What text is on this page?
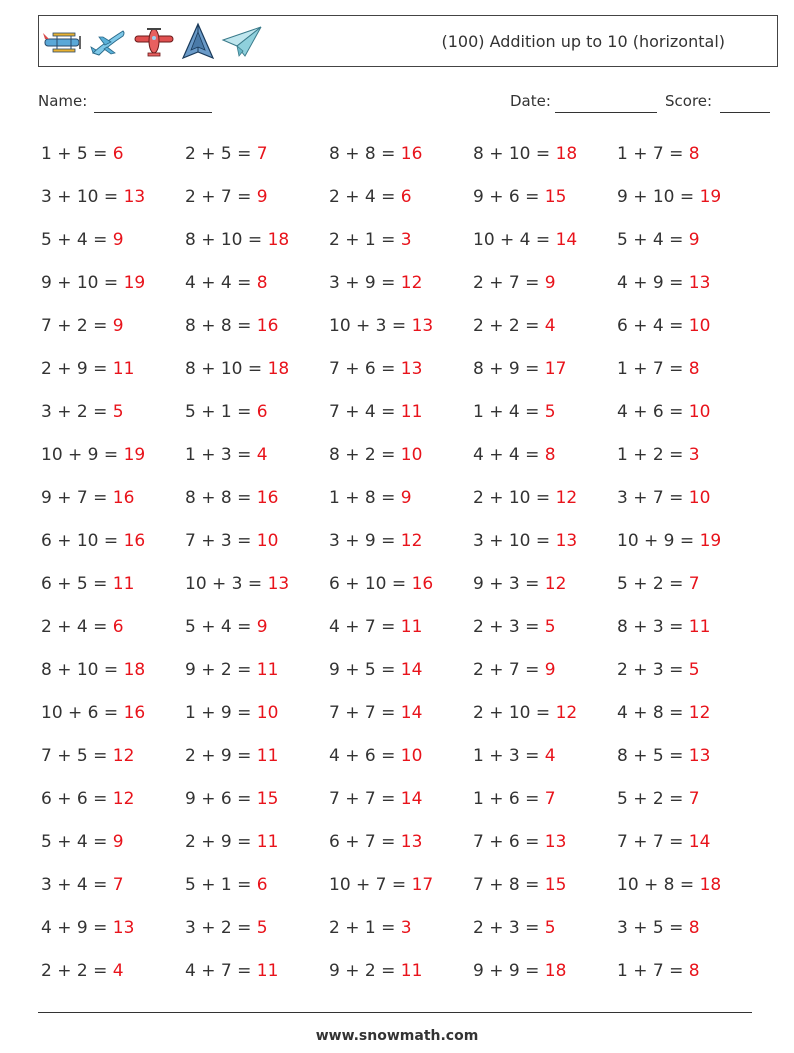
(100) Addition up to 10 (horizontal)
Name:	Date:	Score:
1 + 5 = 6	2 + 5 = 7	8 + 8 = 16	8 + 10 = 18	1 + 7 = 8
3 + 10 = 13	2 + 7 = 9	2 + 4 = 6	9 + 6 = 15	9 + 10 = 19
5 + 4 = 9	8 + 10 = 18	2 + 1 = 3	10 + 4 = 14	5 + 4 = 9
9 + 10 = 19	4 + 4 = 8	3 + 9 = 12	2 + 7 = 9	4 + 9 = 13
7 + 2 = 9	8 + 8 = 16	10 + 3 = 13	2 + 2 = 4	6 + 4 = 10
2 + 9 = 11	8 + 10 = 18	7 + 6 = 13	8 + 9 = 17	1 + 7 = 8
3 + 2 = 5	5 + 1 = 6	7 + 4 = 11	1 + 4 = 5	4 + 6 = 10
10 + 9 = 19	1 + 3 = 4	8 + 2 = 10	4 + 4 = 8	1 + 2 = 3
9 + 7 = 16	8 + 8 = 16	1 + 8 = 9	2 + 10 = 12	3 + 7 = 10
6 + 10 = 16	7 + 3 = 10	3 + 9 = 12	3 + 10 = 13	10 + 9 = 19
6 + 5 = 11	10 + 3 = 13	6 + 10 = 16	9 + 3 = 12	5 + 2 = 7
2 + 4 = 6	5 + 4 = 9	4 + 7 = 11	2 + 3 = 5	8 + 3 = 11
8 + 10 = 18	9 + 2 = 11	9 + 5 = 14	2 + 7 = 9	2 + 3 = 5
10 + 6 = 16	1 + 9 = 10	7 + 7 = 14	2 + 10 = 12	4 + 8 = 12
7 + 5 = 12	2 + 9 = 11	4 + 6 = 10	1 + 3 = 4	8 + 5 = 13
6 + 6 = 12	9 + 6 = 15	7 + 7 = 14	1 + 6 = 7	5 + 2 = 7
5 + 4 = 9	2 + 9 = 11	6 + 7 = 13	7 + 6 = 13	7 + 7 = 14
3 + 4 = 7	5 + 1 = 6	10 + 7 = 17	7 + 8 = 15	10 + 8 = 18
4 + 9 = 13	3 + 2 = 5	2 + 1 = 3	2 + 3 = 5	3 + 5 = 8
2 + 2 = 4	4 + 7 = 11	9 + 2 = 11	9 + 9 = 18	1 + 7 = 8
www.snowmath.com
